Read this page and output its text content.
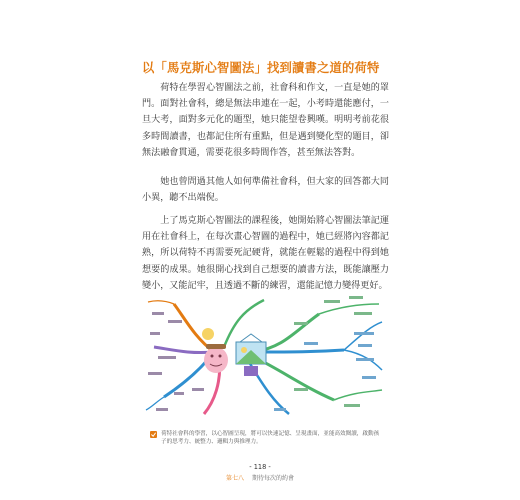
以「馬克斯心智圖法」找到讀書之道的荷特

荷特在學習心智圖法之前，社會科和作文，一直是她的罩門。面對社會科，總是無法串連在一起，小考時還能應付，一旦大考，面對多元化的題型，她只能望卷興嘆。明明考前花很多時間讀書，也都記住所有重點，但是遇到變化型的題目，卻無法融會貫通，需要花很多時間作答，甚至無法答對。

她也曾問過其他人如何準備社會科，但大家的回答都大同小異，聽不出端倪。

上了馬克斯心智圖法的課程後，她開始將心智圖法筆記運用在社會科上，在每次畫心智圖的過程中，她已經將內容都記熟，所以荷特不再需要死記硬背，就能在輕鬆的過程中得到她想要的成果。她很開心找到自己想要的讀書方法，既能讓壓力變小，又能記牢，且透過不斷的練習，還能記憶力變得更好。

荷特社會科的學習，以心智圖呈現，將可以快速記憶、呈現畫面，並能高效閱讀，啟動孩子的思考力、統整力、邏輯力與推理力。
- 118 -
第七八 期待每次的約會
